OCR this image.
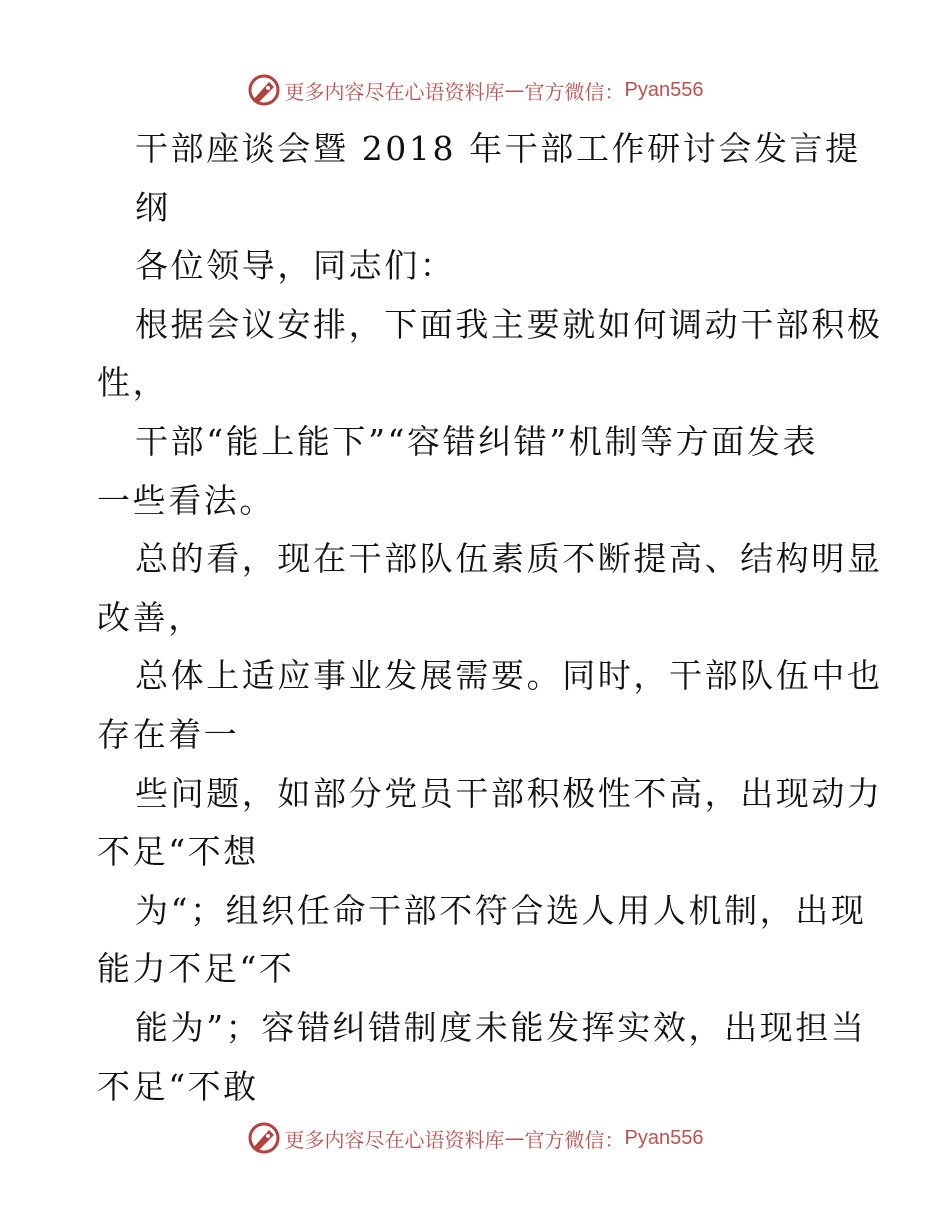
更多内容尽在心语资料库 — 官方微信： Pyan556
干部座谈会暨 2018 年干部工作研讨会发言提
纲
各位领导，同志们：
根据会议安排，下面我主要就如何调动干部积极
性，
干部“能上能下”“容错纠错”机制等方面发表
一些看法。
总的看，现在干部队伍素质不断提高、结构明显
改善，
总体上适应事业发展需要。同时，干部队伍中也
存在着一
些问题，如部分党员干部积极性不高，出现动力
不足“不想
为“；组织任命干部不符合选人用人机制，出现
能力不足“不
能为”；容错纠错制度未能发挥实效，出现担当
不足“不敢
更多内容尽在心语资料库 — 官方微信： Pyan556
